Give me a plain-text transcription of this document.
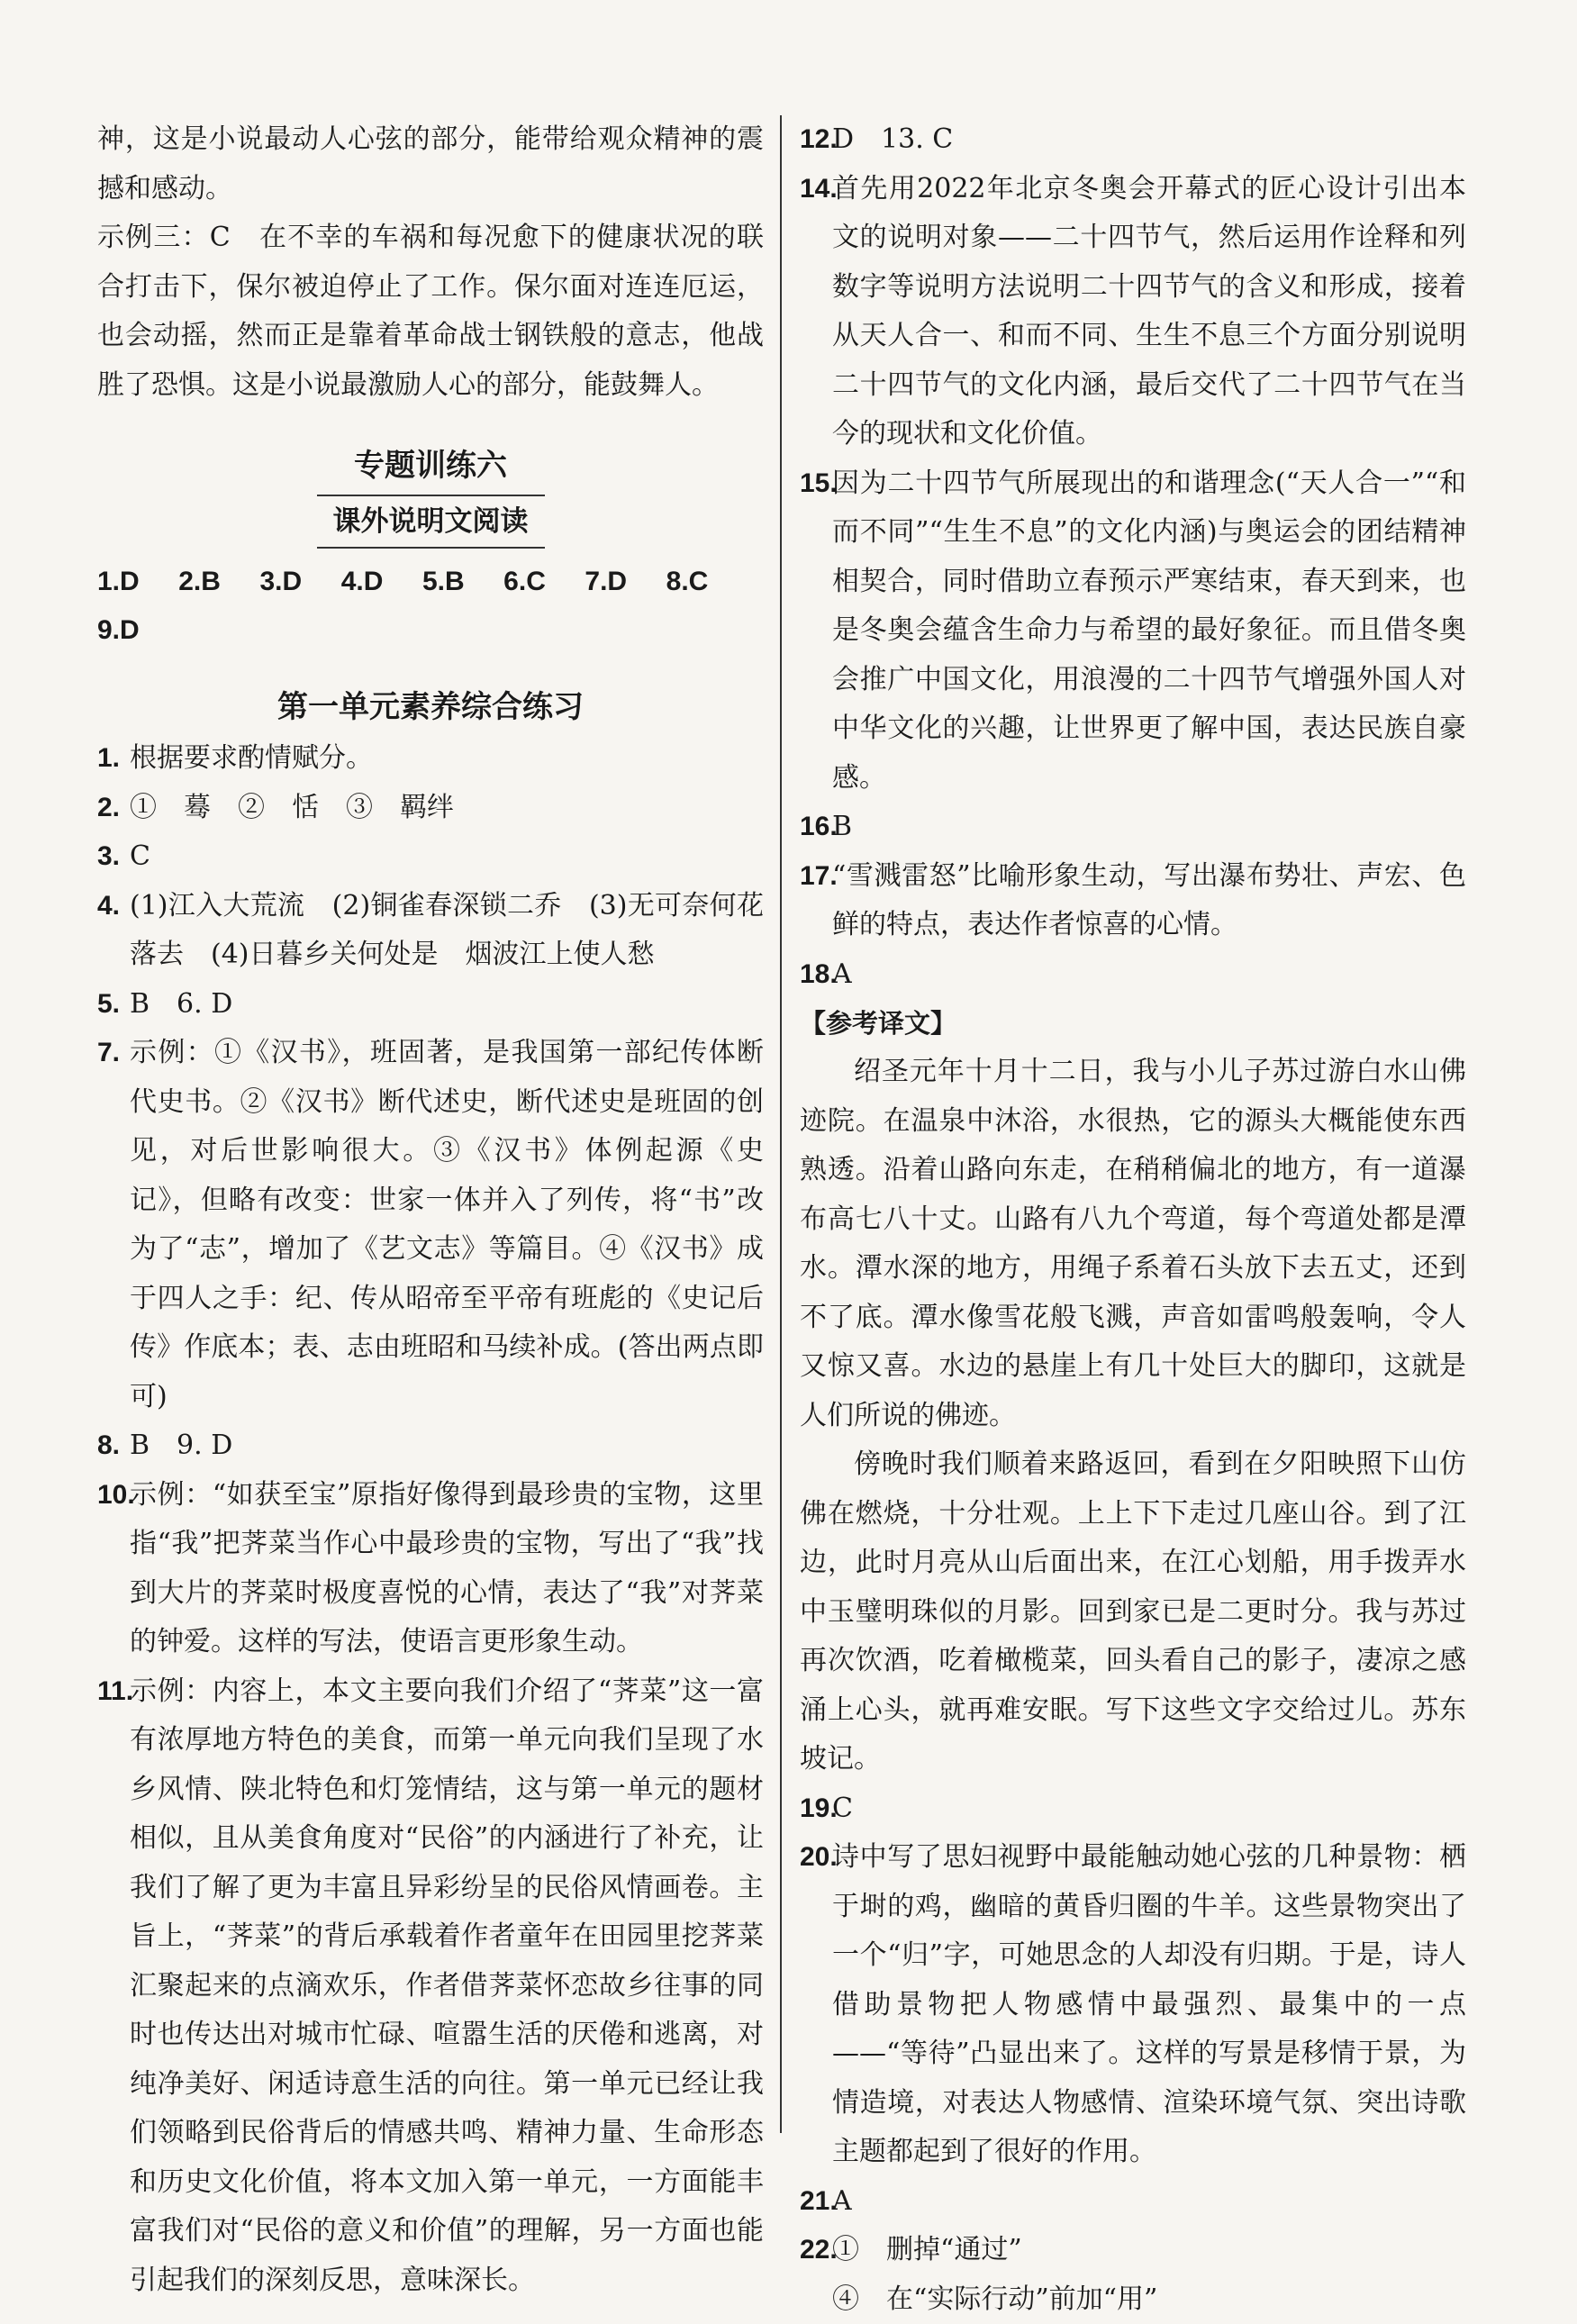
神，这是小说最动人心弦的部分，能带给观众精神的震撼和感动。

示例三：C　在不幸的车祸和每况愈下的健康状况的联合打击下，保尔被迫停止了工作。保尔面对连连厄运，也会动摇，然而正是靠着革命战士钢铁般的意志，他战胜了恐惧。这是小说最激励人心的部分，能鼓舞人。

专题训练六

课外说明文阅读
1.D 2.B 3.D 4.D 5.B 6.C 7.D 8.C 9.D

第一单元素养综合练习

1. 根据要求酌情赋分。

2. ①　蓦　②　恬　③　羁绊

3. C

4. (1)江入大荒流　(2)铜雀春深锁二乔　(3)无可奈何花落去　(4)日暮乡关何处是　烟波江上使人愁

5. B　6. D

7. 示例：①《汉书》，班固著，是我国第一部纪传体断代史书。②《汉书》断代述史，断代述史是班固的创见，对后世影响很大。③《汉书》体例起源《史记》，但略有改变：世家一体并入了列传，将“书”改为了“志”，增加了《艺文志》等篇目。④《汉书》成于四人之手：纪、传从昭帝至平帝有班彪的《史记后传》作底本；表、志由班昭和马续补成。(答出两点即可)

8. B　9. D

10.
示例：“如获至宝”原指好像得到最珍贵的宝物，这里指“我”把荠菜当作心中最珍贵的宝物，写出了“我”找到大片的荠菜时极度喜悦的心情，表达了“我”对荠菜的钟爱。这样的写法，使语言更形象生动。

11.
示例：内容上，本文主要向我们介绍了“荠菜”这一富有浓厚地方特色的美食，而第一单元向我们呈现了水乡风情、陕北特色和灯笼情结，这与第一单元的题材相似，且从美食角度对“民俗”的内涵进行了补充，让我们了解了更为丰富且异彩纷呈的民俗风情画卷。主旨上，“荠菜”的背后承载着作者童年在田园里挖荠菜汇聚起来的点滴欢乐，作者借荠菜怀恋故乡往事的同时也传达出对城市忙碌、喧嚣生活的厌倦和逃离，对纯净美好、闲适诗意生活的向往。第一单元已经让我们领略到民俗背后的情感共鸣、精神力量、生命形态和历史文化价值，将本文加入第一单元，一方面能丰富我们对“民俗的意义和价值”的理解，另一方面也能引起我们的深刻反思，意味深长。

12.
D　13. C

14.
首先用2022年北京冬奥会开幕式的匠心设计引出本文的说明对象——二十四节气，然后运用作诠释和列数字等说明方法说明二十四节气的含义和形成，接着从天人合一、和而不同、生生不息三个方面分别说明二十四节气的文化内涵，最后交代了二十四节气在当今的现状和文化价值。

15.
因为二十四节气所展现出的和谐理念(“天人合一”“和而不同”“生生不息”的文化内涵)与奥运会的团结精神相契合，同时借助立春预示严寒结束，春天到来，也是冬奥会蕴含生命力与希望的最好象征。而且借冬奥会推广中国文化，用浪漫的二十四节气增强外国人对中华文化的兴趣，让世界更了解中国，表达民族自豪感。

16.
B

17.
“雪溅雷怒”比喻形象生动，写出瀑布势壮、声宏、色鲜的特点，表达作者惊喜的心情。

18.
A

【参考译文】

绍圣元年十月十二日，我与小儿子苏过游白水山佛迹院。在温泉中沐浴，水很热，它的源头大概能使东西熟透。沿着山路向东走，在稍稍偏北的地方，有一道瀑布高七八十丈。山路有八九个弯道，每个弯道处都是潭水。潭水深的地方，用绳子系着石头放下去五丈，还到不了底。潭水像雪花般飞溅，声音如雷鸣般轰响，令人又惊又喜。水边的悬崖上有几十处巨大的脚印，这就是人们所说的佛迹。

傍晚时我们顺着来路返回，看到在夕阳映照下山仿佛在燃烧，十分壮观。上上下下走过几座山谷。到了江边，此时月亮从山后面出来，在江心划船，用手拨弄水中玉璧明珠似的月影。回到家已是二更时分。我与苏过再次饮酒，吃着橄榄菜，回头看自己的影子，凄凉之感涌上心头，就再难安眠。写下这些文字交给过儿。苏东坡记。

19.
C

20.
诗中写了思妇视野中最能触动她心弦的几种景物：栖于埘的鸡，幽暗的黄昏归圈的牛羊。这些景物突出了一个“归”字，可她思念的人却没有归期。于是，诗人借助景物把人物感情中最强烈、最集中的一点——“等待”凸显出来了。这样的写景是移情于景，为情造境，对表达人物感情、渲染环境气氛、突出诗歌主题都起到了很好的作用。

21.
A

22.
①　删掉“通过”

④　在“实际行动”前加“用”
